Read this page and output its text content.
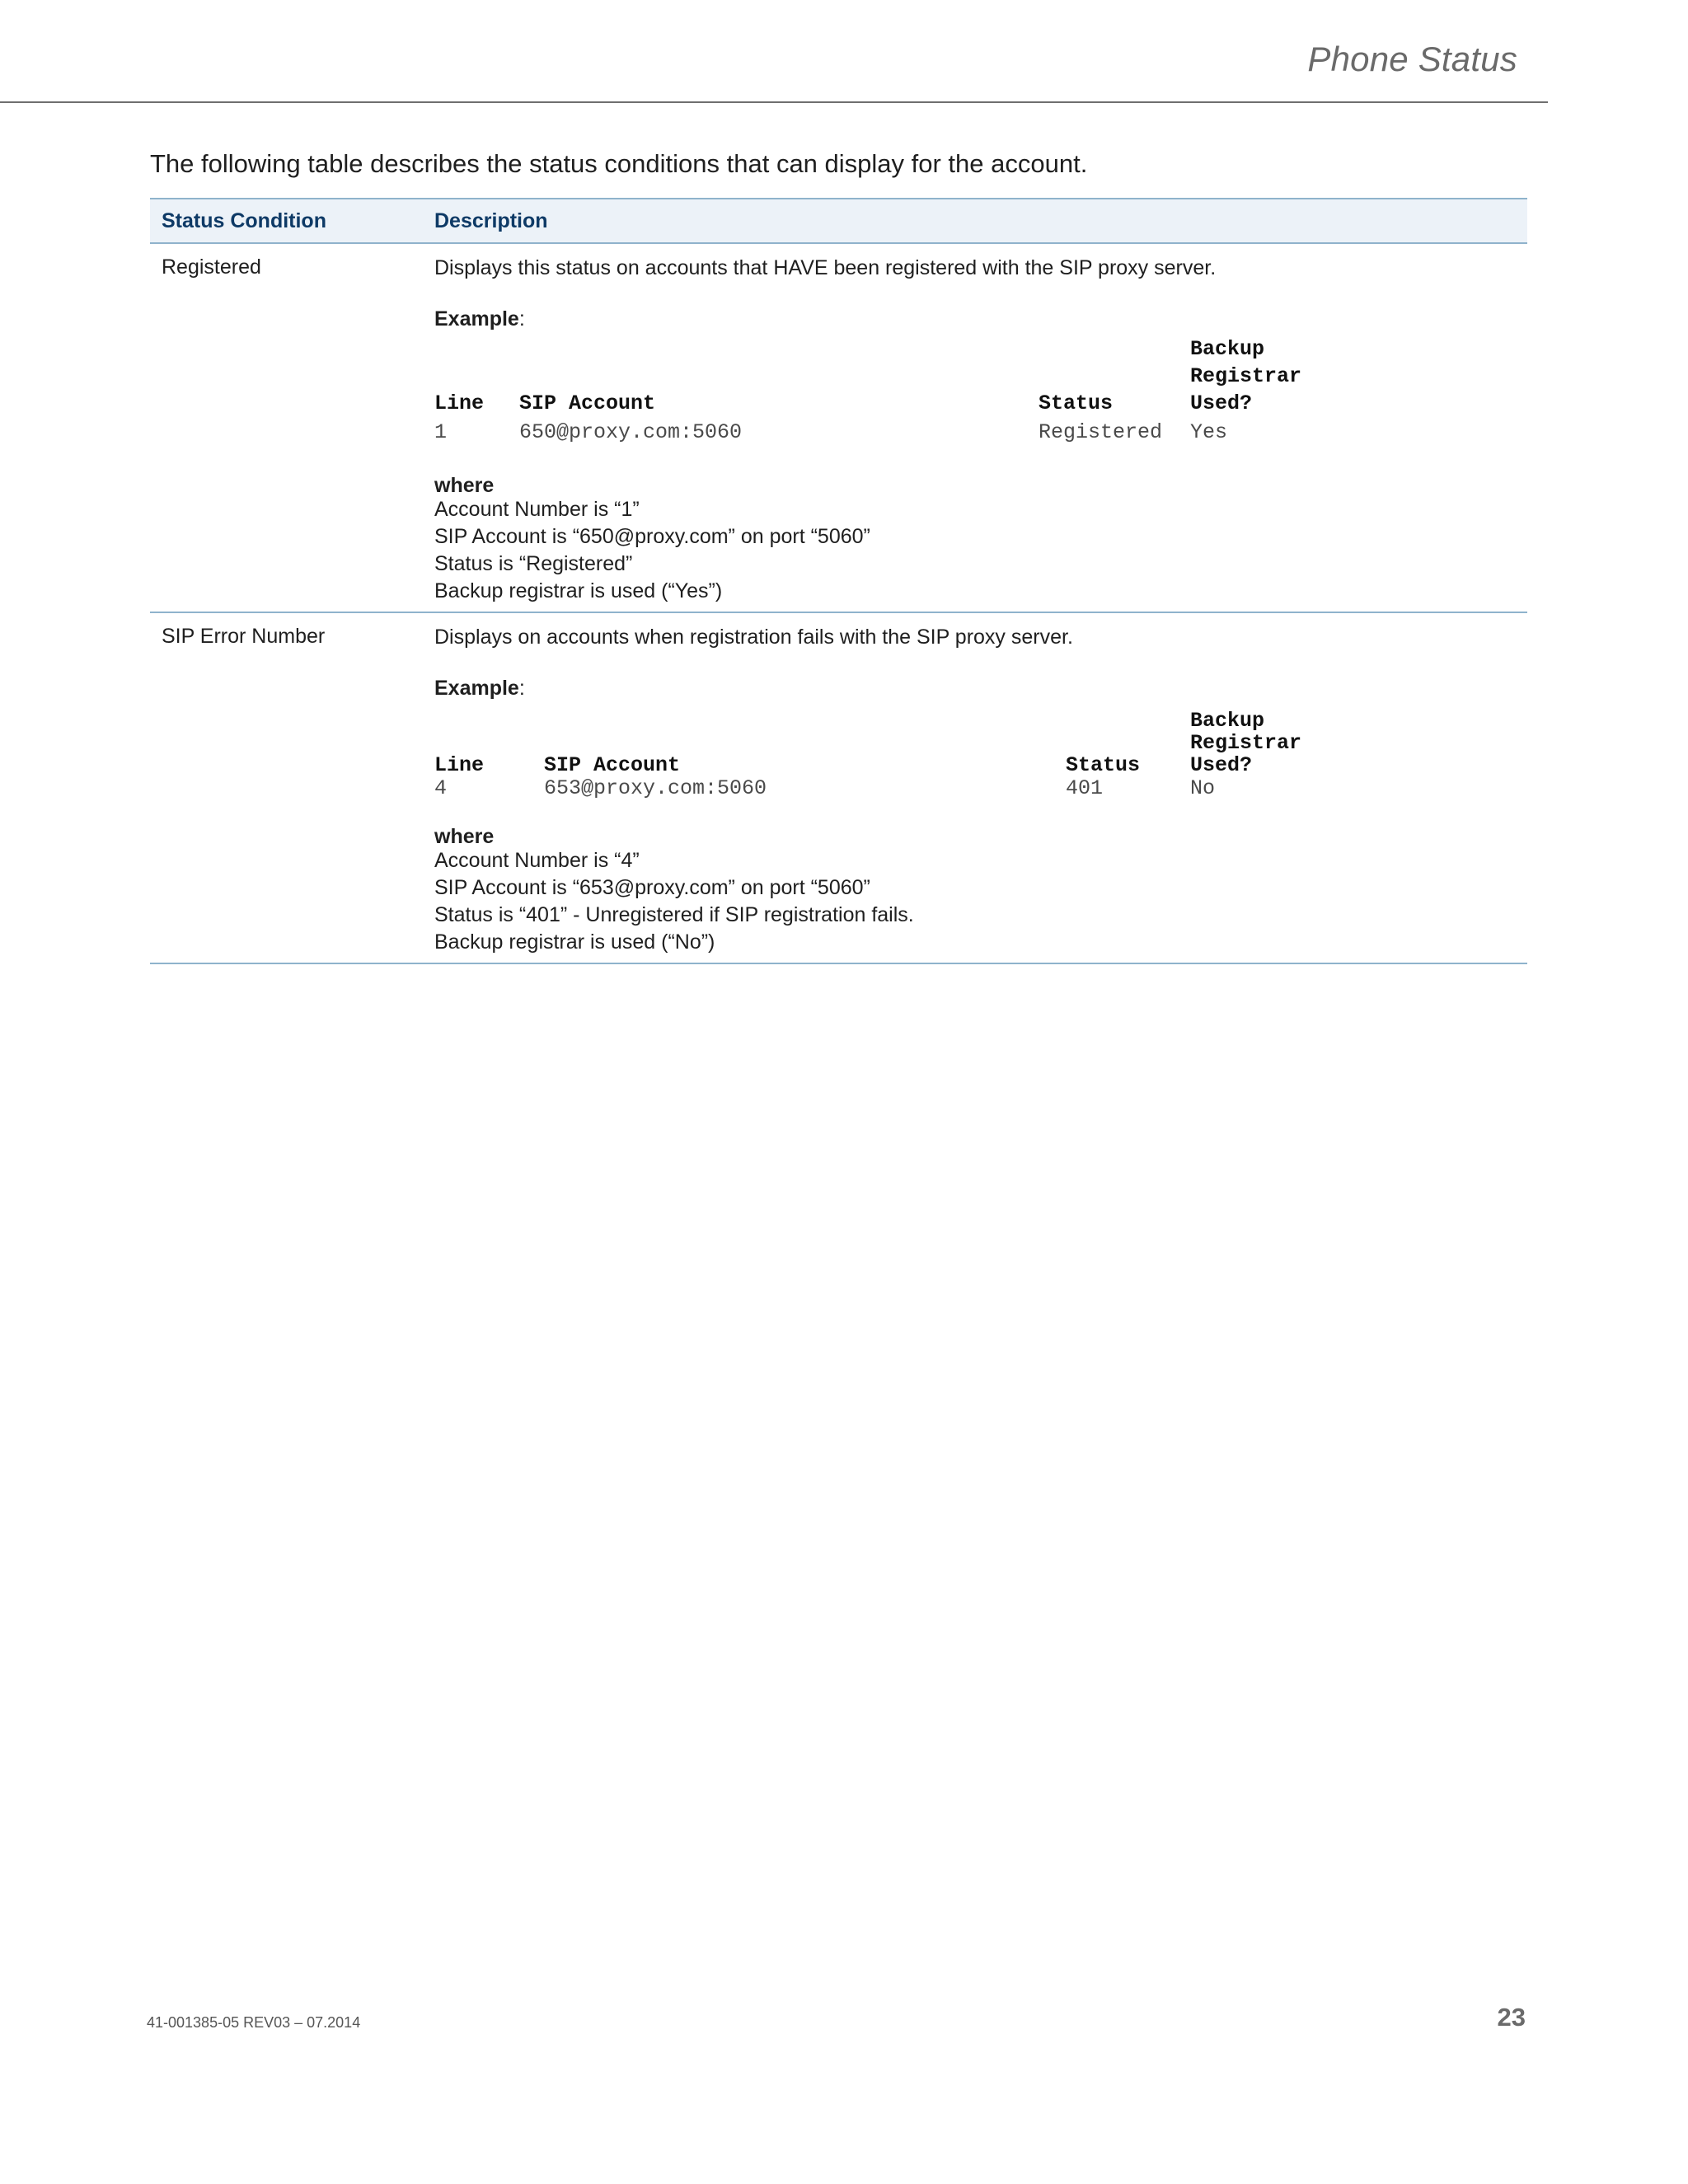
Phone Status
The following table describes the status conditions that can display for the account.
Status Condition	Description
Registered	Displays this status on accounts that HAVE been registered with the SIP proxy server.
Example:
Line SIP Account	Status
Backup
Registrar
Used?
1	650@proxy.com:5060	Registered Yes
where
Account Number is “1”
SIP Account is “650@proxy.com” on port “5060”
Status is “Registered”
Backup registrar is used (“Yes”)
SIP Error Number	Displays on accounts when registration fails with the SIP proxy server.
Example:
Line	SIP Account	Status
Backup
Registrar
Used?
4	653@proxy.com:5060	401	No
where
Account Number is “4”
SIP Account is “653@proxy.com” on port “5060”
Status is “401” - Unregistered if SIP registration fails.
Backup registrar is used (“No”)
41-001385-05 REV03 – 07.2014	23
